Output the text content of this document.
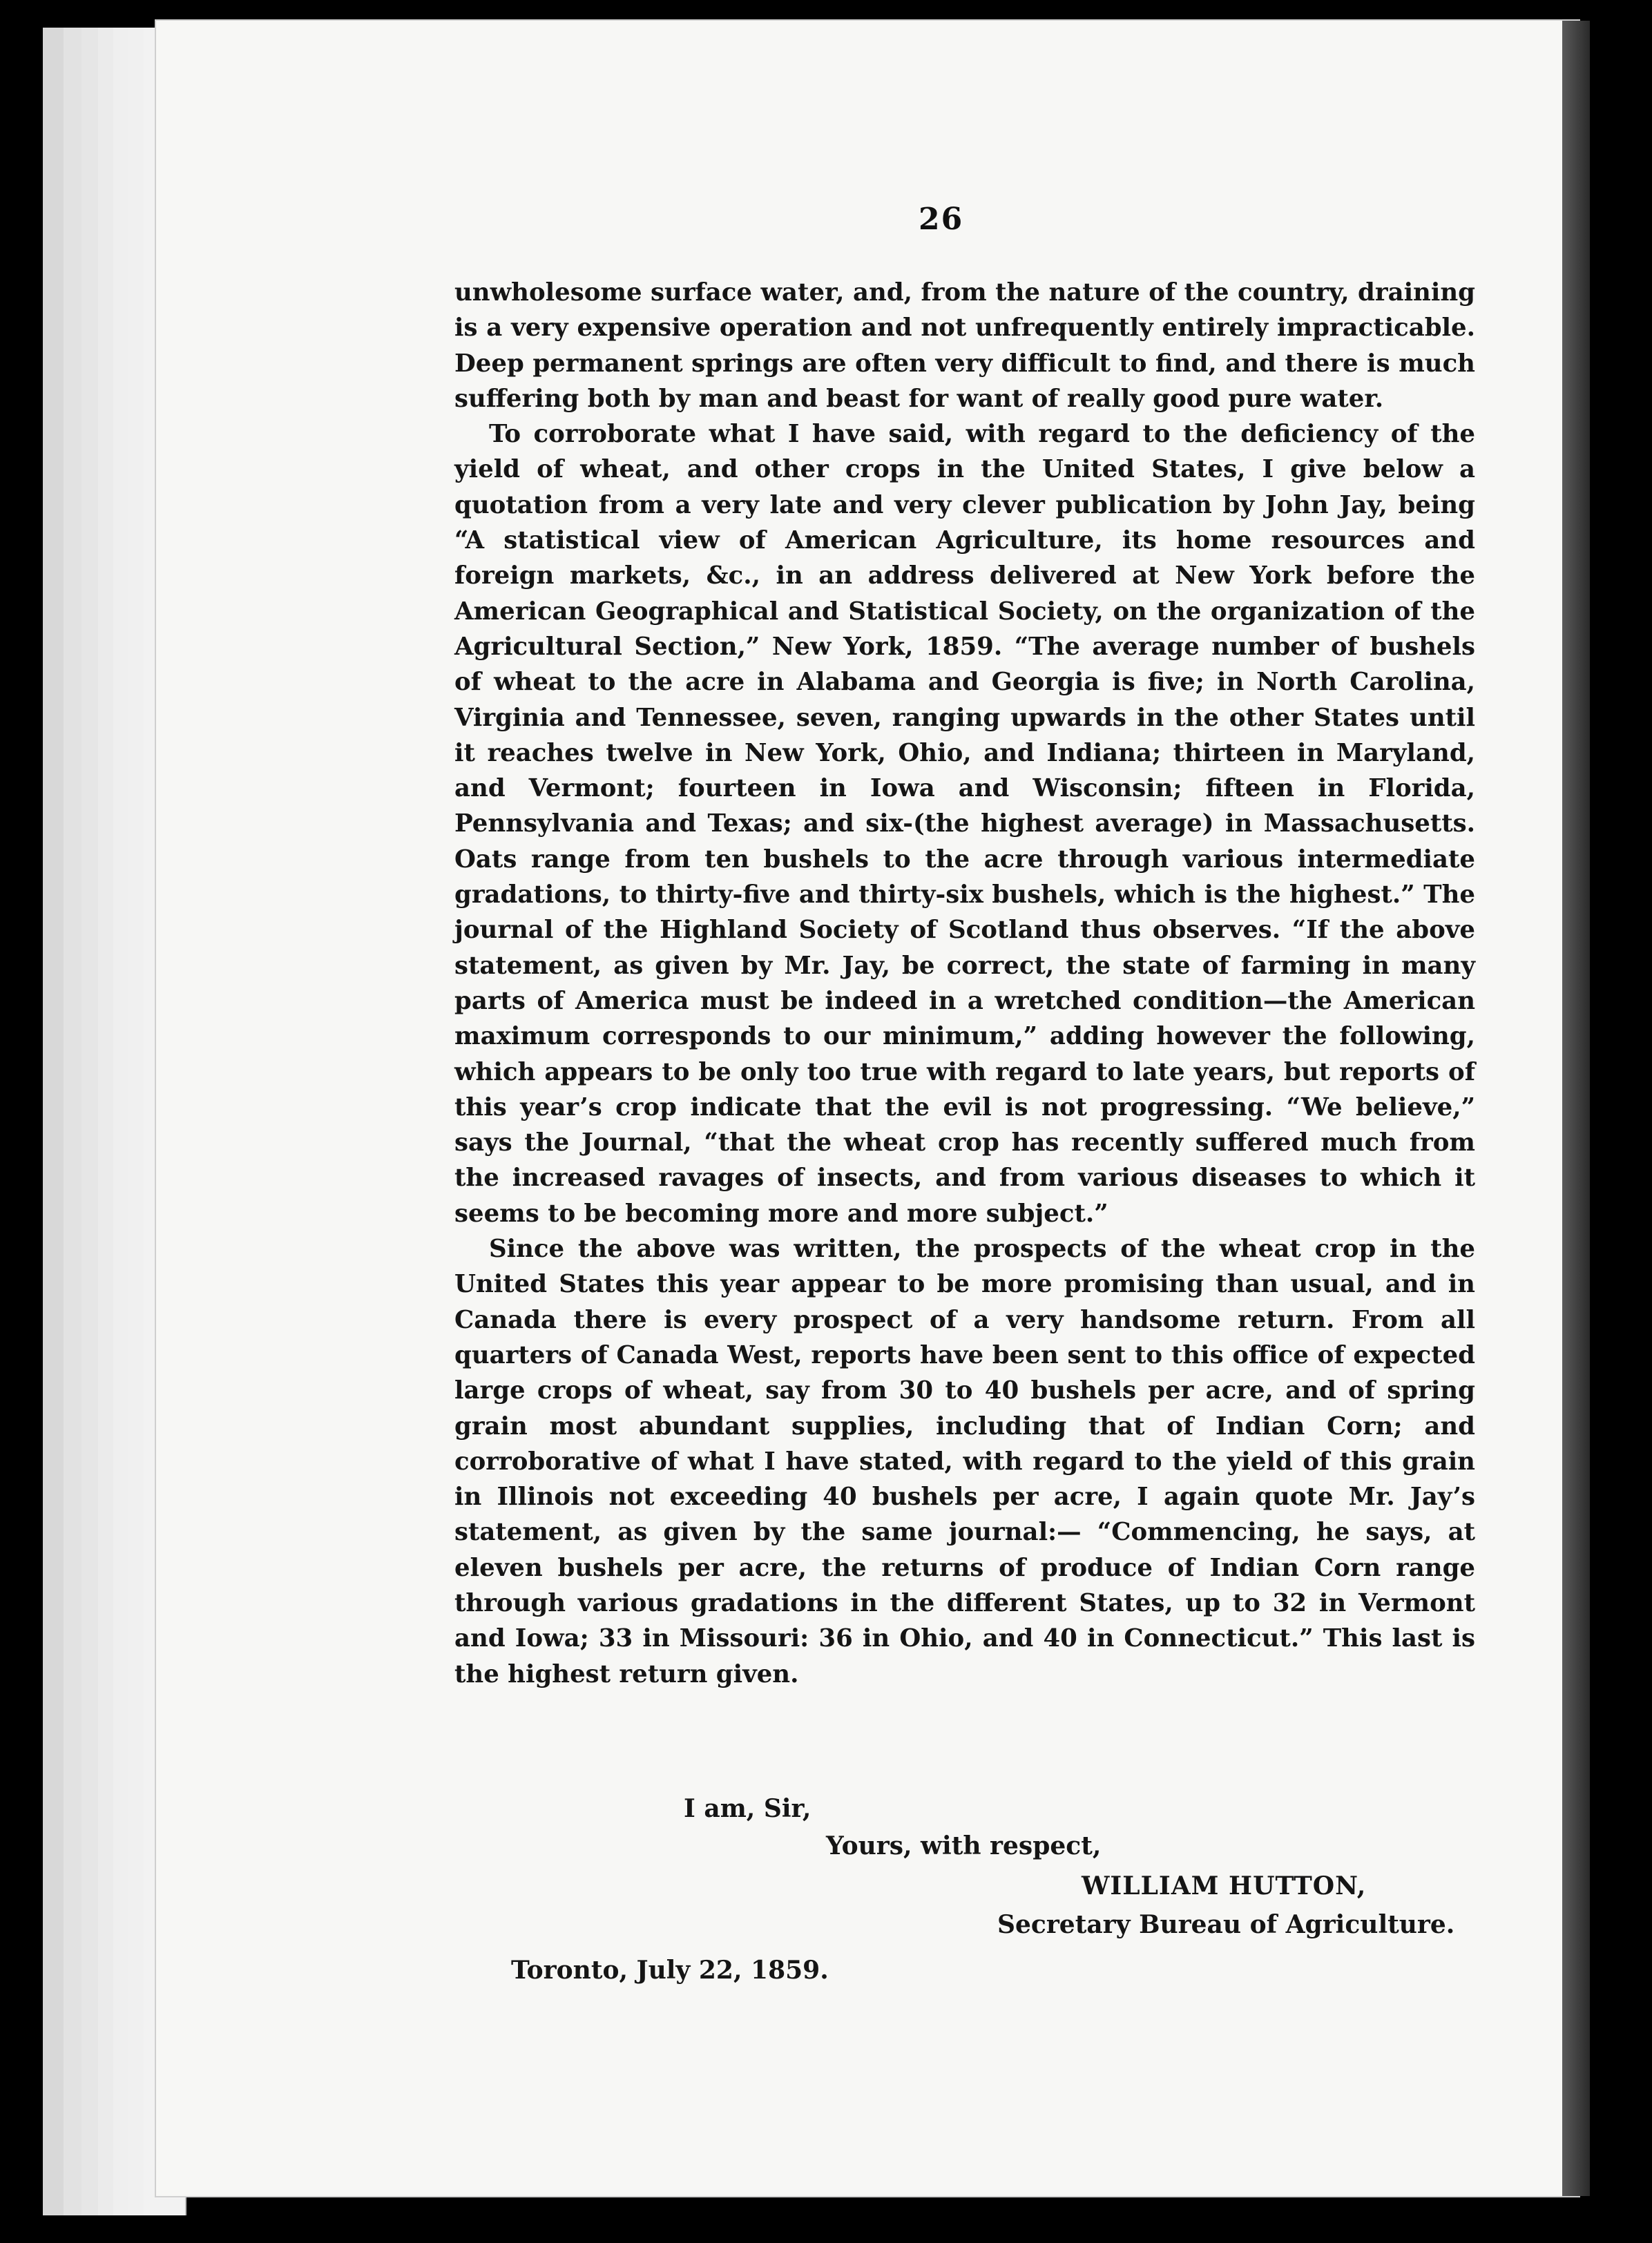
26

unwholesome surface water, and, from the nature of the country, draining is a very expensive operation and not unfrequently entirely impracticable. Deep permanent springs are often very difficult to find, and there is much suffering both by man and beast for want of really good pure water.

To corroborate what I have said, with regard to the deficiency of the yield of wheat, and other crops in the United States, I give below a quotation from a very late and very clever publication by John Jay, being “A statistical view of American Agriculture, its home resources and foreign markets, &c., in an address delivered at New York before the American Geographical and Statistical Society, on the organization of the Agricultural Section,” New York, 1859. “The average number of bushels of wheat to the acre in Alabama and Georgia is five; in North Carolina, Virginia and Tennessee, seven, ranging upwards in the other States until it reaches twelve in New York, Ohio, and Indiana; thirteen in Maryland, and Vermont; fourteen in Iowa and Wisconsin; fifteen in Florida, Pennsylvania and Texas; and six-(the highest average) in Massachusetts. Oats range from ten bushels to the acre through various intermediate gradations, to thirty-five and thirty-six bushels, which is the highest.” The journal of the Highland Society of Scotland thus observes. “If the above statement, as given by Mr. Jay, be correct, the state of farming in many parts of America must be indeed in a wretched condition—the American maximum corresponds to our minimum,” adding however the following, which appears to be only too true with regard to late years, but reports of this year’s crop indicate that the evil is not progressing. “We believe,” says the Journal, “that the wheat crop has recently suffered much from the increased ravages of insects, and from various diseases to which it seems to be becoming more and more subject.”

Since the above was written, the prospects of the wheat crop in the United States this year appear to be more promising than usual, and in Canada there is every prospect of a very handsome return. From all quarters of Canada West, reports have been sent to this office of expected large crops of wheat, say from 30 to 40 bushels per acre, and of spring grain most abundant supplies, including that of Indian Corn; and corroborative of what I have stated, with regard to the yield of this grain in Illinois not exceeding 40 bushels per acre, I again quote Mr. Jay’s statement, as given by the same journal:— “Commencing, he says, at eleven bushels per acre, the returns of produce of Indian Corn range through various gradations in the different States, up to 32 in Vermont and Iowa; 33 in Missouri: 36 in Ohio, and 40 in Connecticut.” This last is the highest return given.

I am, Sir,
Yours, with respect,
WILLIAM HUTTON,
Secretary Bureau of Agriculture.
Toronto, July 22, 1859.
